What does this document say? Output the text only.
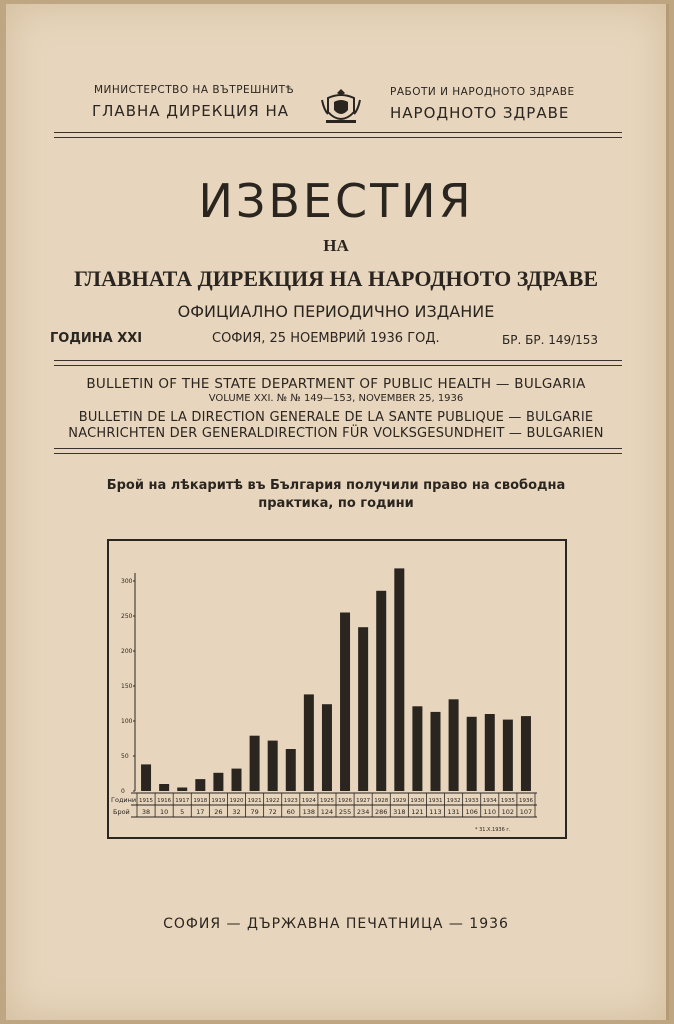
МИНИСТЕРСТВО НА ВЪТРЕШНИТѢ
ГЛАВНА ДИРЕКЦИЯ НА
РАБОТИ И НАРОДНОТО ЗДРАВЕ
НАРОДНОТО ЗДРАВЕ
ИЗВЕСТИЯ
НА
ГЛАВНАТА ДИРЕКЦИЯ НА НАРОДНОТО ЗДРАВЕ
ОФИЦИАЛНО ПЕРИОДИЧНО ИЗДАНИЕ
ГОДИНА XXI	СОФИЯ, 25 НОЕМВРИЙ 1936 ГОД.	БР. БР. 149/153
BULLETIN OF THE STATE DEPARTMENT OF PUBLIC HEALTH — BULGARIA
VOLUME XXI. № № 149—153, NOVEMBER 25, 1936
BULLETIN DE LA DIRECTION GENERALE DE LA SANTE PUBLIQUE — BULGARIE
NACHRICHTEN DER GENERALDIRECTION FÜR VOLKSGESUNDHEIT — BULGARIEN
Брой на лѣкаритѣ въ България получили право на свободна
практика, по години
0
50
100
150
200
250
300
Години
Брой
1915
38
1916
10
1917
5
1918
17
1919
26
1920
32
1921
79
1922
72
1923
60
1924
138
1925
124
1926
255
1927
234
1928
286
1929
318
1930
121
1931
113
1932
131
1933
106
1934
110
1935
102
1936
107
* 31.X.1936 г.
СОФИЯ — ДЪРЖАВНА ПЕЧАТНИЦА — 1936
